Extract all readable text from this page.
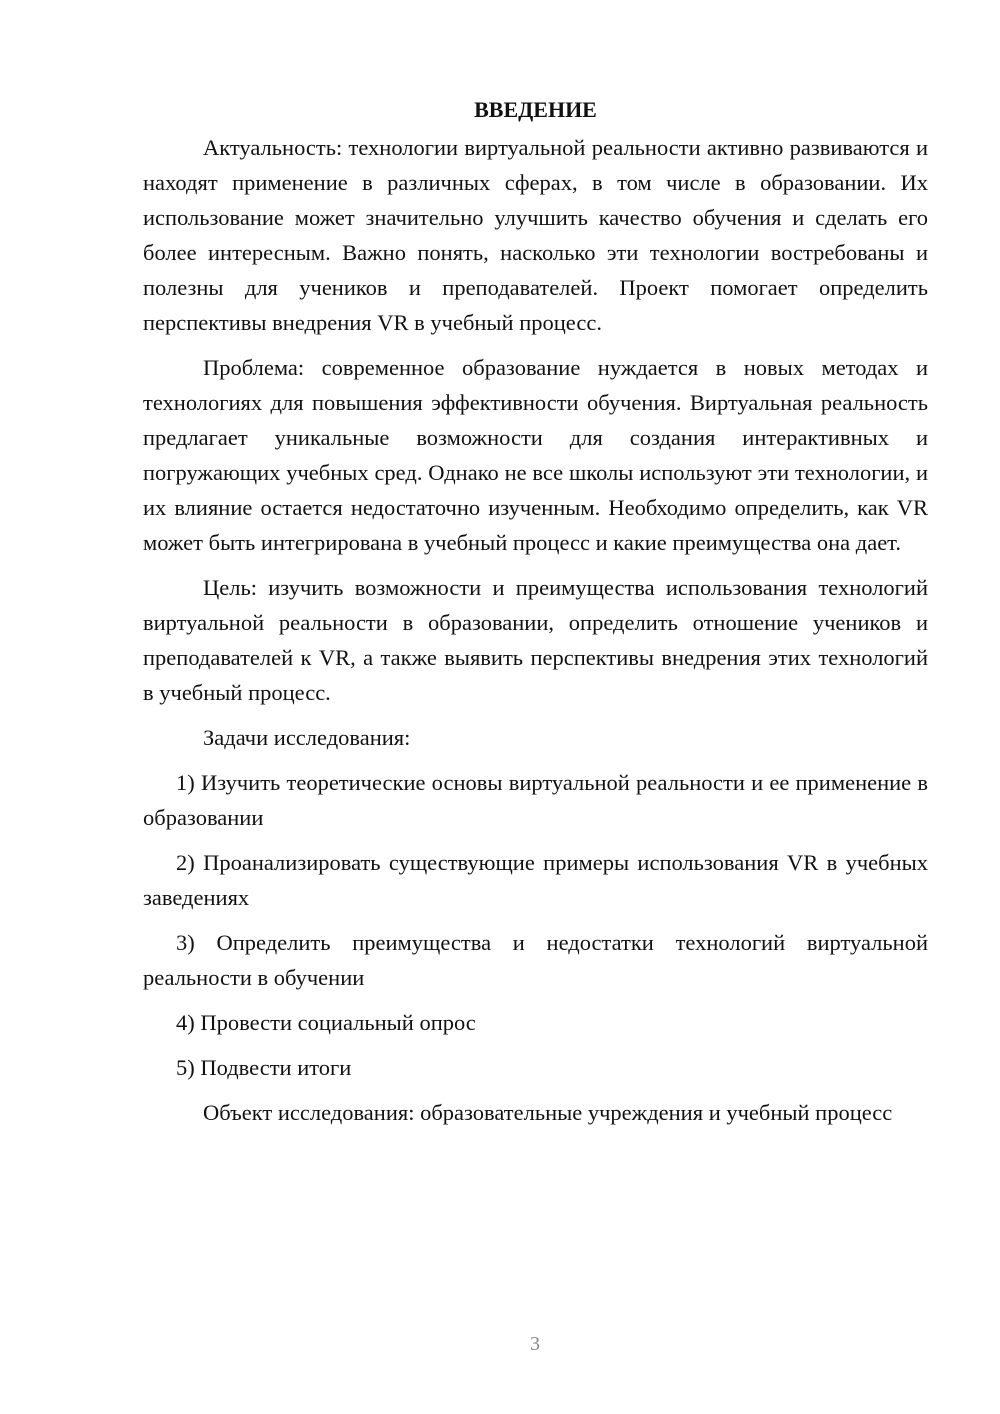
ВВЕДЕНИЕ

Актуальность: технологии виртуальной реальности активно развиваются и находят применение в различных сферах, в том числе в образовании. Их использование может значительно улучшить качество обучения и сделать его более интересным. Важно понять, насколько эти технологии востребованы и полезны для учеников и преподавателей. Проект помогает определить перспективы внедрения VR в учебный процесс.

Проблема: современное образование нуждается в новых методах и технологиях для повышения эффективности обучения. Виртуальная реальность предлагает уникальные возможности для создания интерактивных и погружающих учебных сред. Однако не все школы используют эти технологии, и их влияние остается недостаточно изученным. Необходимо определить, как VR может быть интегрирована в учебный процесс и какие преимущества она дает.

Цель: изучить возможности и преимущества использования технологий виртуальной реальности в образовании, определить отношение учеников и преподавателей к VR, а также выявить перспективы внедрения этих технологий в учебный процесс.

Задачи исследования:

1) Изучить теоретические основы виртуальной реальности и ее применение в образовании

2) Проанализировать существующие примеры использования VR в учебных заведениях

3) Определить преимущества и недостатки технологий виртуальной реальности в обучении

4) Провести социальный опрос

5) Подвести итоги

Объект исследования: образовательные учреждения и учебный процесс

3
